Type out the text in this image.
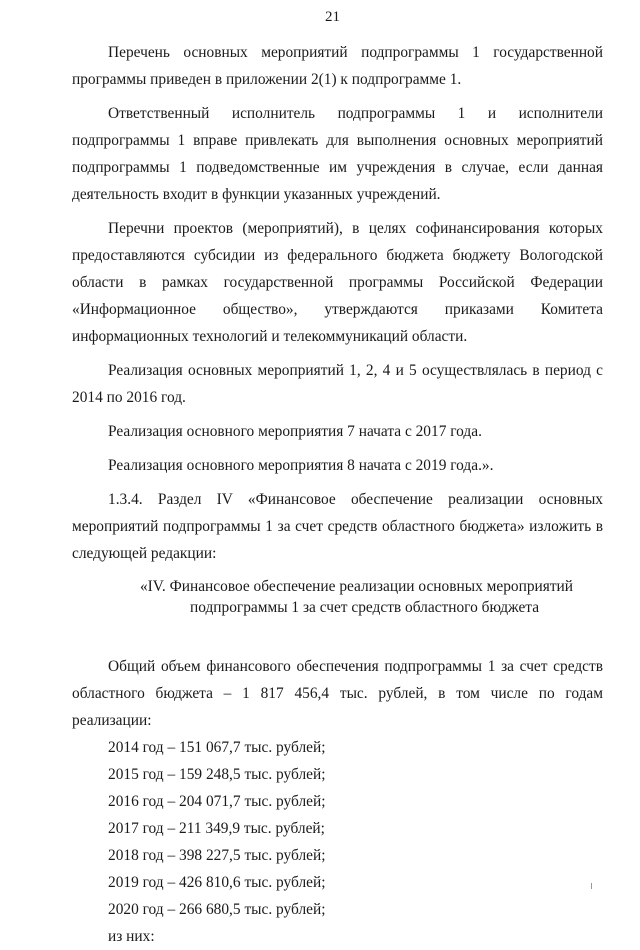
21

Перечень основных мероприятий подпрограммы 1 государственной программы приведен в приложении 2(1) к подпрограмме 1.

Ответственный исполнитель подпрограммы 1 и исполнители подпрограммы 1 вправе привлекать для выполнения основных мероприятий подпрограммы 1 подведомственные им учреждения в случае, если данная деятельность входит в функции указанных учреждений.

Перечни проектов (мероприятий), в целях софинансирования которых предоставляются субсидии из федерального бюджета бюджету Вологодской области в рамках государственной программы Российской Федерации «Информационное общество», утверждаются приказами Комитета информационных технологий и телекоммуникаций области.

Реализация основных мероприятий 1, 2, 4 и 5 осуществлялась в период с 2014 по 2016 год.

Реализация основного мероприятия 7 начата с 2017 года.

Реализация основного мероприятия 8 начата с 2019 года.».

1.3.4. Раздел IV «Финансовое обеспечение реализации основных мероприятий подпрограммы 1 за счет средств областного бюджета» изложить в следующей редакции:

«IV. Финансовое обеспечение реализации основных мероприятий
подпрограммы 1 за счет средств областного бюджета

Общий объем финансового обеспечения подпрограммы 1 за счет средств областного бюджета – 1 817 456,4 тыс. рублей, в том числе по годам реализации:

2014 год – 151 067,7 тыс. рублей;
2015 год – 159 248,5 тыс. рублей;
2016 год – 204 071,7 тыс. рублей;
2017 год – 211 349,9 тыс. рублей;
2018 год – 398 227,5 тыс. рублей;
2019 год – 426 810,6 тыс. рублей;
2020 год – 266 680,5 тыс. рублей;
из них:
